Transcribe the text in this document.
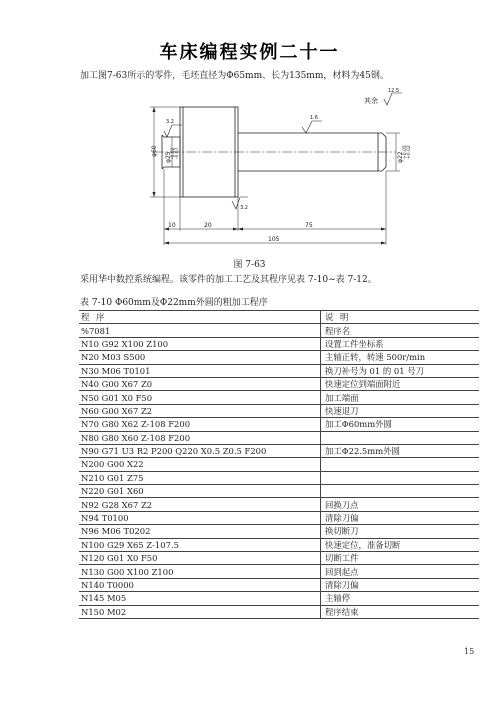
车床编程实例二十一
加工图7-63所示的零件，毛坯直径为Φ65mm、长为135mm，材料为45钢。
φ60
φ25 -0.02 -0.07	φ22 +0.05 +0.02
3.2
1.6
3.2
其余
12.5
10	20	75
105
图 7-63
采用华中数控系统编程。该零件的加工工艺及其程序见表 7-10~表 7-12。
表 7-10 Φ60mm及Φ22mm外圆的粗加工程序
程 序	说 明
%7081	程序名
N10 G92 X100 Z100	设置工件坐标系
N20 M03 S500	主轴正转，转速 500r/min
N30 M06 T0101	换刀补号为 01 的 01 号刀
N40 G00 X67 Z0	快速定位到端面附近
N50 G01 X0 F50	加工端面
N60 G00 X67 Z2	快速退刀
N70 G80 X62 Z-108 F200	加工Φ60mm外圆
N80 G80 X60 Z-108 F200	
N90 G71 U3 R2 P200 Q220 X0.5 Z0.5 F200	加工Φ22.5mm外圆
N200 G00 X22	
N210 G01 Z75	
N220 G01 X60	
N92 G28 X67 Z2	回换刀点
N94 T0100	清除刀偏
N96 M06 T0202	换切断刀
N100 G29 X65 Z-107.5	快速定位，准备切断
N120 G01 X0 F50	切断工件
N130 G00 X100 Z100	回到起点
N140 T0000	清除刀偏
N145 M05	主轴停
N150 M02	程序结束
15
